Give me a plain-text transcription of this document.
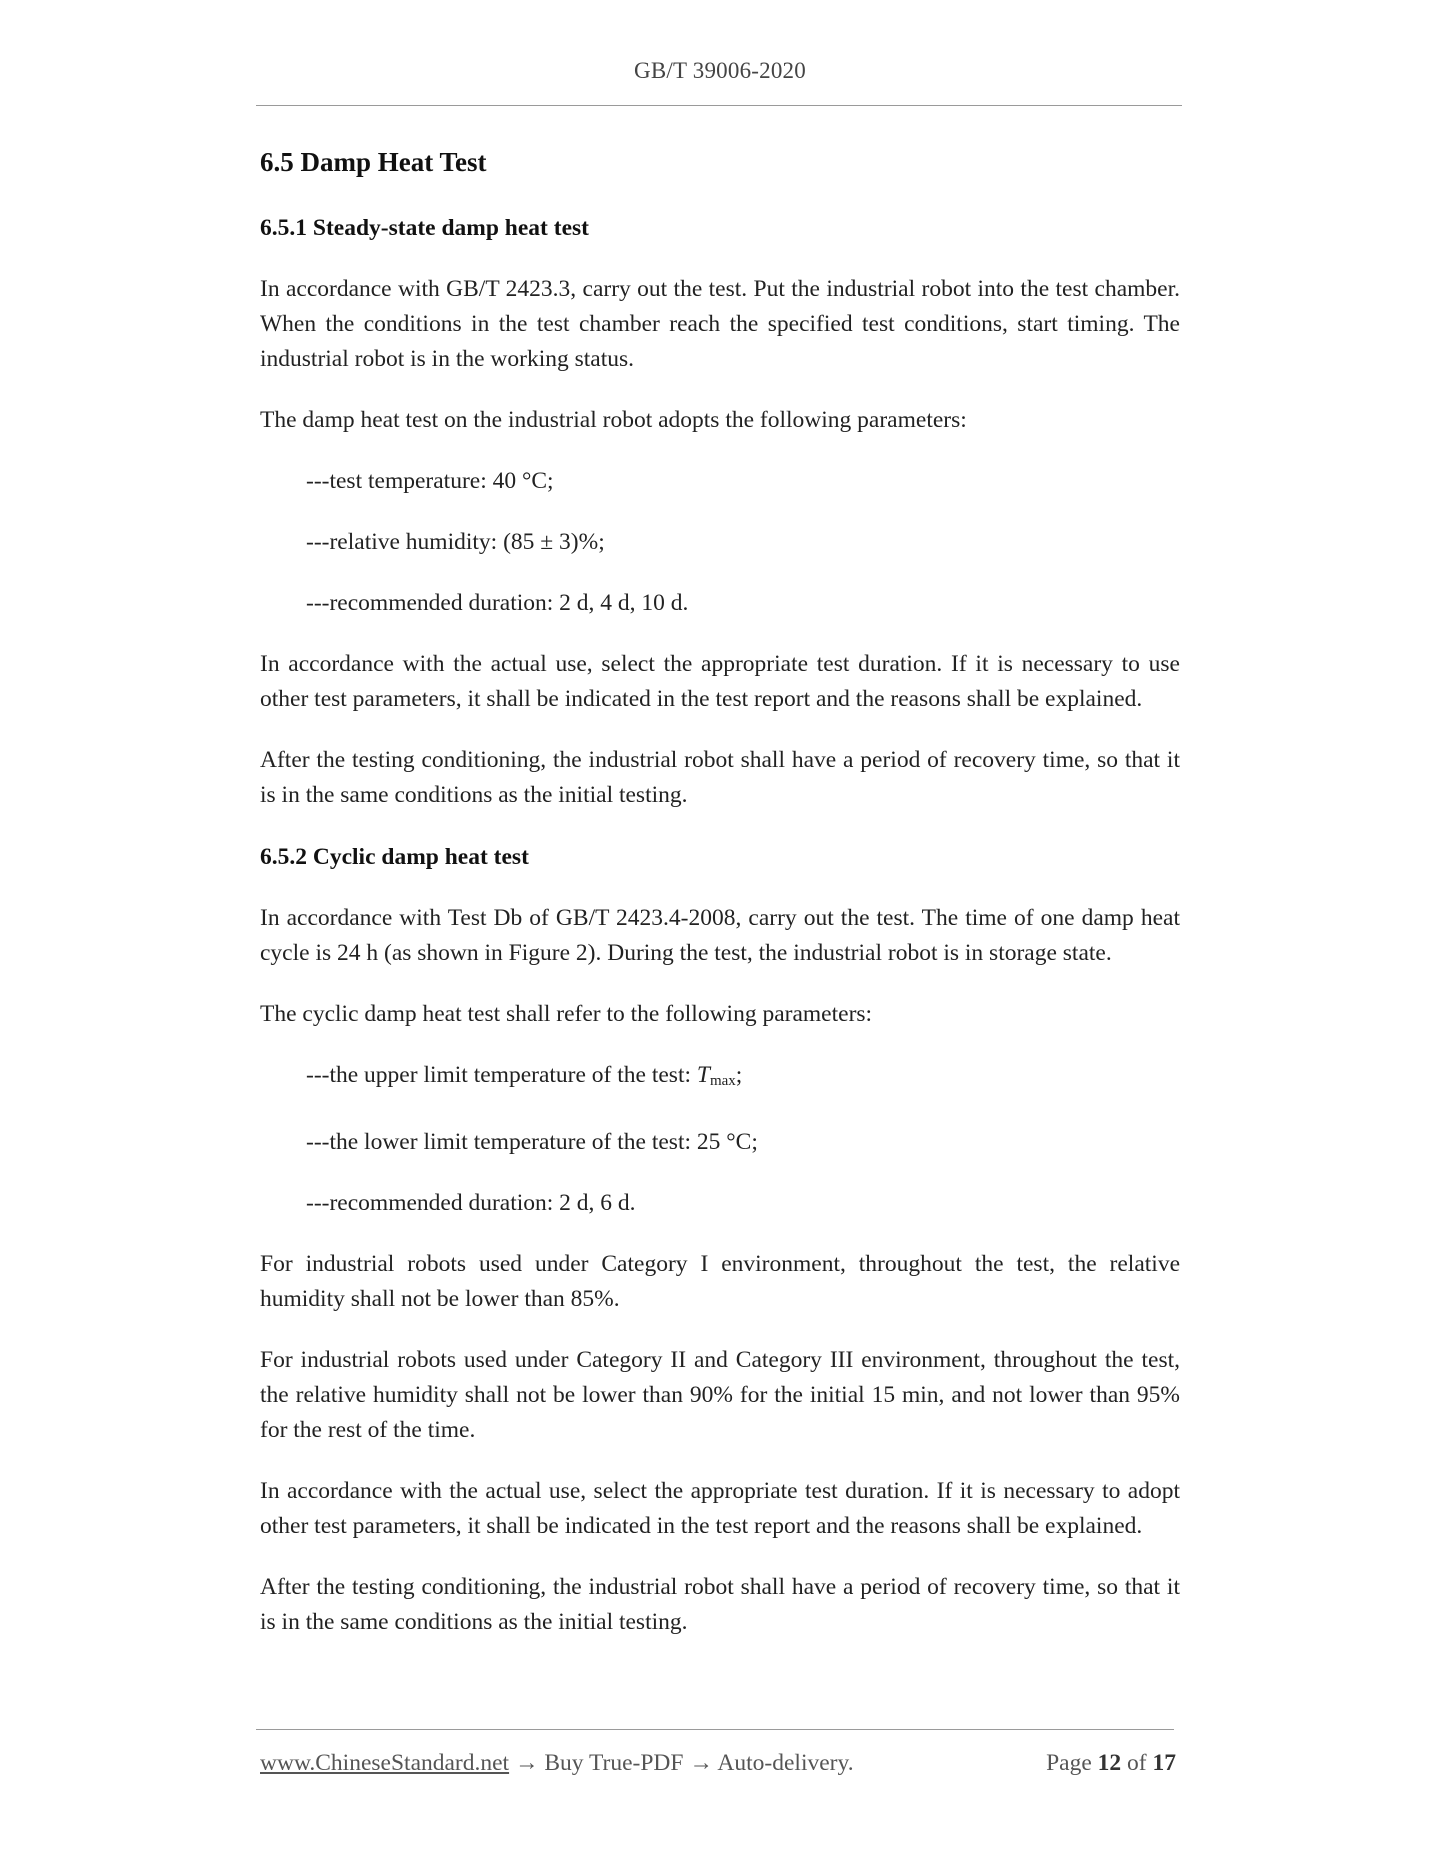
GB/T 39006-2020
6.5 Damp Heat Test
6.5.1 Steady-state damp heat test

In accordance with GB/T 2423.3, carry out the test. Put the industrial robot into the test chamber. When the conditions in the test chamber reach the specified test conditions, start timing. The industrial robot is in the working status.

The damp heat test on the industrial robot adopts the following parameters:

---test temperature: 40 °C;
---relative humidity: (85 ± 3)%;
---recommended duration: 2 d, 4 d, 10 d.

In accordance with the actual use, select the appropriate test duration. If it is necessary to use other test parameters, it shall be indicated in the test report and the reasons shall be explained.

After the testing conditioning, the industrial robot shall have a period of recovery time, so that it is in the same conditions as the initial testing.

6.5.2 Cyclic damp heat test

In accordance with Test Db of GB/T 2423.4-2008, carry out the test. The time of one damp heat cycle is 24 h (as shown in Figure 2). During the test, the industrial robot is in storage state.

The cyclic damp heat test shall refer to the following parameters:

---the upper limit temperature of the test: $T_{max}$;
---the lower limit temperature of the test: 25 °C;
---recommended duration: 2 d, 6 d.

For industrial robots used under Category I environment, throughout the test, the relative humidity shall not be lower than 85%.

For industrial robots used under Category II and Category III environment, throughout the test, the relative humidity shall not be lower than 90% for the initial 15 min, and not lower than 95% for the rest of the time.

In accordance with the actual use, select the appropriate test duration. If it is necessary to adopt other test parameters, it shall be indicated in the test report and the reasons shall be explained.

After the testing conditioning, the industrial robot shall have a period of recovery time, so that it is in the same conditions as the initial testing.

www.ChineseStandard.net → Buy True-PDF → Auto-delivery.	Page 12 of 17
